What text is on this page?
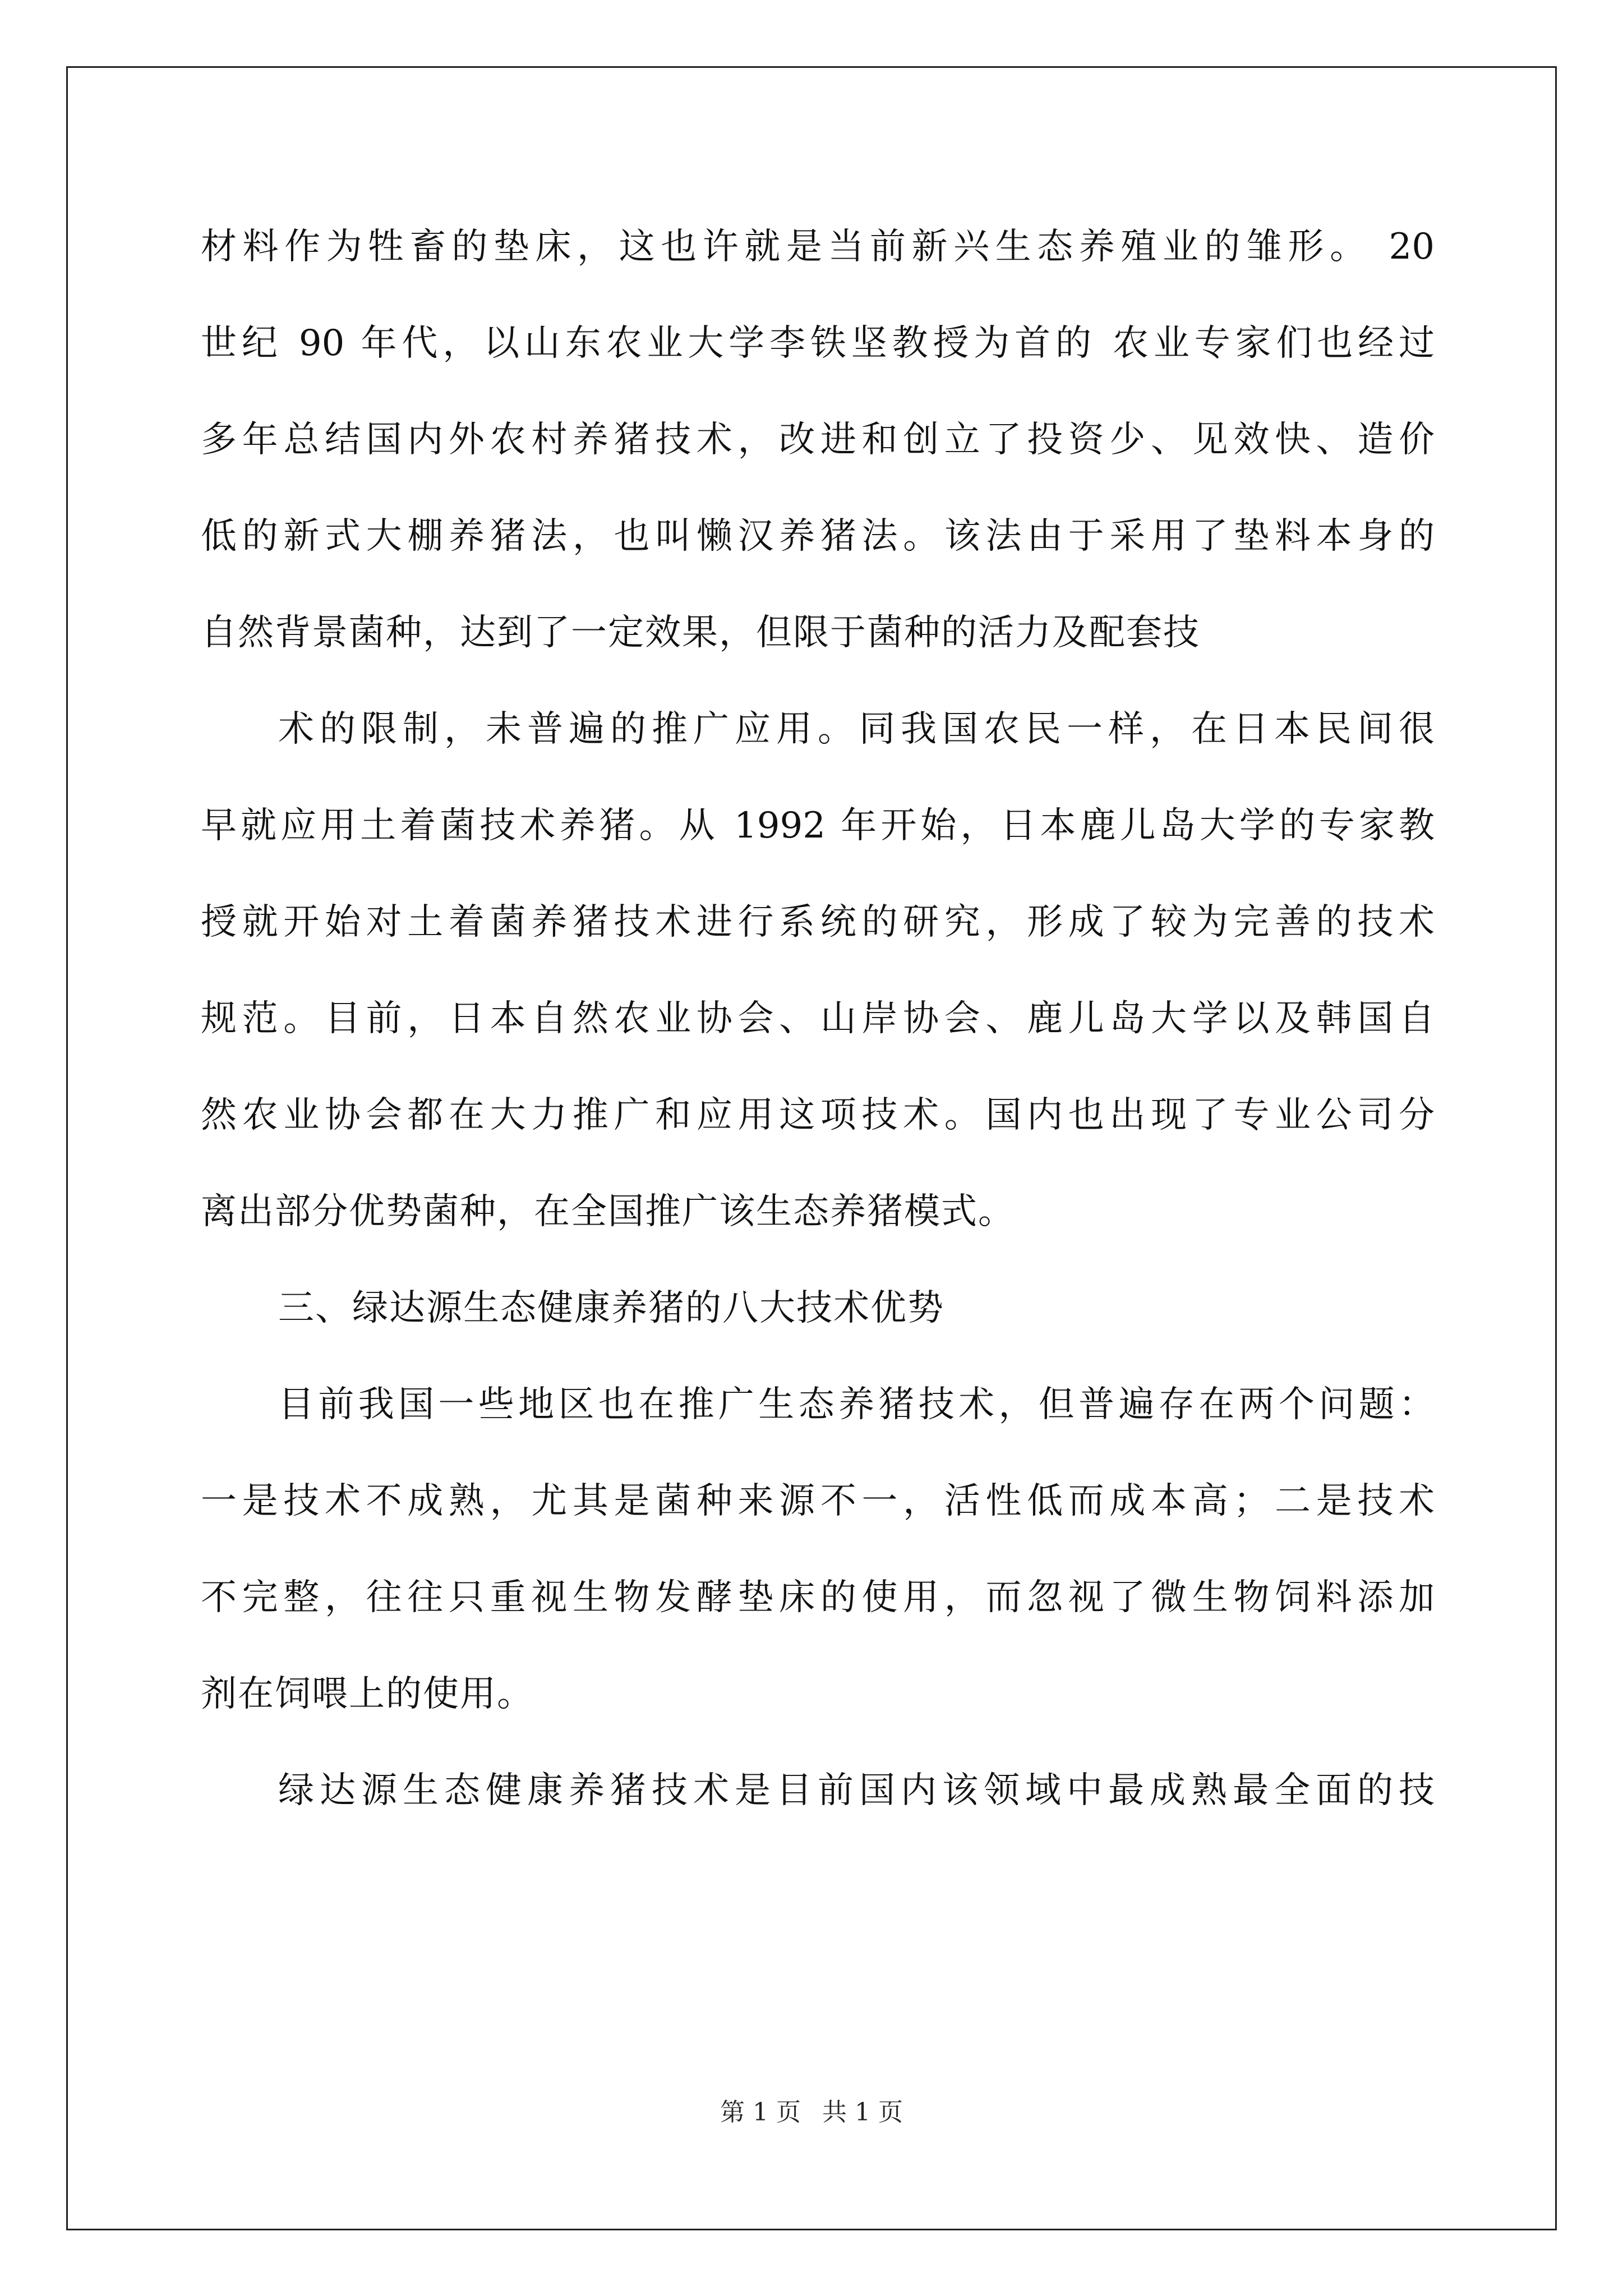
材料作为牲畜的垫床，这也许就是当前新兴生态养殖业的雏形。 20
世纪 90 年代，以山东农业大学李铁坚教授为首的 农业专家们也经过
多年总结国内外农村养猪技术，改进和创立了投资少、见效快、造价
低的新式大棚养猪法，也叫懒汉养猪法。该法由于采用了垫料本身的
自然背景菌种，达到了一定效果，但限于菌种的活力及配套技
术的限制，未普遍的推广应用。同我国农民一样，在日本民间很
早就应用土着菌技术养猪。从 1992 年开始，日本鹿儿岛大学的专家教
授就开始对土着菌养猪技术进行系统的研究，形成了较为完善的技术
规范。目前，日本自然农业协会、山岸协会、鹿儿岛大学以及韩国自
然农业协会都在大力推广和应用这项技术。国内也出现了专业公司分
离出部分优势菌种，在全国推广该生态养猪模式。
三、绿达源生态健康养猪的八大技术优势
目前我国一些地区也在推广生态养猪技术，但普遍存在两个问题：
一是技术不成熟，尤其是菌种来源不一，活性低而成本高；二是技术
不完整，往往只重视生物发酵垫床的使用，而忽视了微生物饲料添加
剂在饲喂上的使用。
绿达源生态健康养猪技术是目前国内该领域中最成熟最全面的技
第 1 页 共 1 页
